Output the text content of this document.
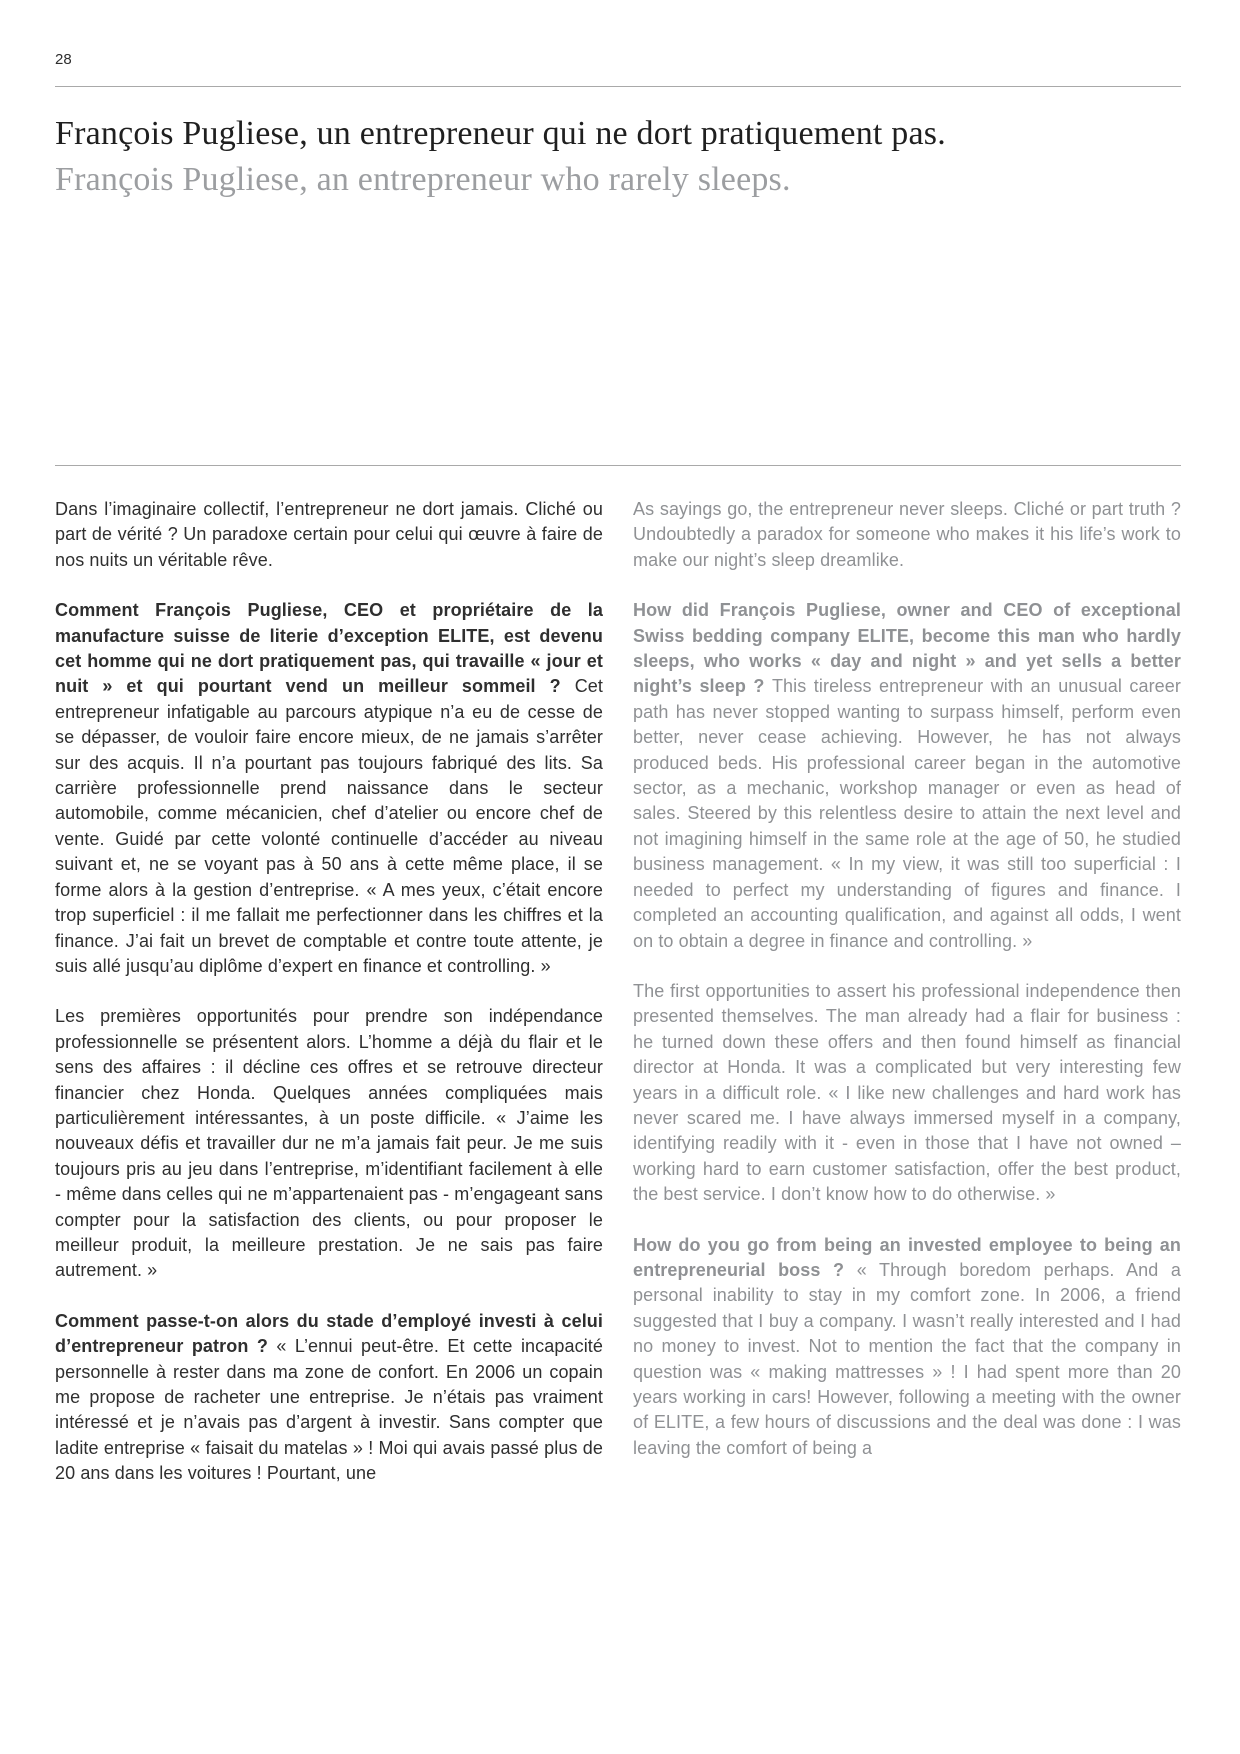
28
François Pugliese, un entrepreneur qui ne dort pratiquement pas.
François Pugliese, an entrepreneur who rarely sleeps.

Dans l’imaginaire collectif, l’entrepreneur ne dort jamais. Cliché ou part de vérité ? Un paradoxe certain pour celui qui œuvre à faire de nos nuits un véritable rêve.

Comment François Pugliese, CEO et propriétaire de la manufacture suisse de literie d’exception ELITE, est devenu cet homme qui ne dort pratiquement pas, qui travaille « jour et nuit » et qui pourtant vend un meilleur sommeil ? Cet entrepreneur infatigable au parcours atypique n’a eu de cesse de se dépasser, de vouloir faire encore mieux, de ne jamais s’arrêter sur des acquis. Il n’a pourtant pas toujours fabriqué des lits. Sa carrière professionnelle prend naissance dans le secteur automobile, comme mécanicien, chef d’atelier ou encore chef de vente. Guidé par cette volonté continuelle d’accéder au niveau suivant et, ne se voyant pas à 50 ans à cette même place, il se forme alors à la gestion d’entreprise. « A mes yeux, c’était encore trop superficiel : il me fallait me perfectionner dans les chiffres et la finance. J’ai fait un brevet de comptable et contre toute attente, je suis allé jusqu’au diplôme d’expert en finance et controlling. »

Les premières opportunités pour prendre son indépendance professionnelle se présentent alors. L’homme a déjà du flair et le sens des affaires : il décline ces offres et se retrouve directeur financier chez Honda. Quelques années compliquées mais particulièrement intéressantes, à un poste difficile. « J’aime les nouveaux défis et travailler dur ne m’a jamais fait peur. Je me suis toujours pris au jeu dans l’entreprise, m’identifiant facilement à elle - même dans celles qui ne m’appartenaient pas - m’engageant sans compter pour la satisfaction des clients, ou pour proposer le meilleur produit, la meilleure prestation. Je ne sais pas faire autrement. »

Comment passe-t-on alors du stade d’employé investi à celui d’entrepreneur patron ? « L’ennui peut-être. Et cette incapacité personnelle à rester dans ma zone de confort. En 2006 un copain me propose de racheter une entreprise. Je n’étais pas vraiment intéressé et je n’avais pas d’argent à investir. Sans compter que ladite entreprise « faisait du matelas » ! Moi qui avais passé plus de 20 ans dans les voitures ! Pourtant, une

As sayings go, the entrepreneur never sleeps. Cliché or part truth ? Undoubtedly a paradox for someone who makes it his life’s work to make our night’s sleep dreamlike.

How did François Pugliese, owner and CEO of exceptional Swiss bedding company ELITE, become this man who hardly sleeps, who works « day and night » and yet sells a better night’s sleep ? This tireless entrepreneur with an unusual career path has never stopped wanting to surpass himself, perform even better, never cease achieving. However, he has not always produced beds. His professional career began in the automotive sector, as a mechanic, workshop manager or even as head of sales. Steered by this relentless desire to attain the next level and not imagining himself in the same role at the age of 50, he studied business management. « In my view, it was still too superficial : I needed to perfect my understanding of figures and finance. I completed an accounting qualification, and against all odds, I went on to obtain a degree in finance and controlling. »

The first opportunities to assert his professional independence then presented themselves. The man already had a flair for business : he turned down these offers and then found himself as financial director at Honda. It was a complicated but very interesting few years in a difficult role. « I like new challenges and hard work has never scared me. I have always immersed myself in a company, identifying readily with it - even in those that I have not owned – working hard to earn customer satisfaction, offer the best product, the best service. I don’t know how to do otherwise. »

How do you go from being an invested employee to being an entrepreneurial boss ? « Through boredom perhaps. And a personal inability to stay in my comfort zone. In 2006, a friend suggested that I buy a company. I wasn’t really interested and I had no money to invest. Not to mention the fact that the company in question was « making mattresses » ! I had spent more than 20 years working in cars! However, following a meeting with the owner of ELITE, a few hours of discussions and the deal was done : I was leaving the comfort of being a
